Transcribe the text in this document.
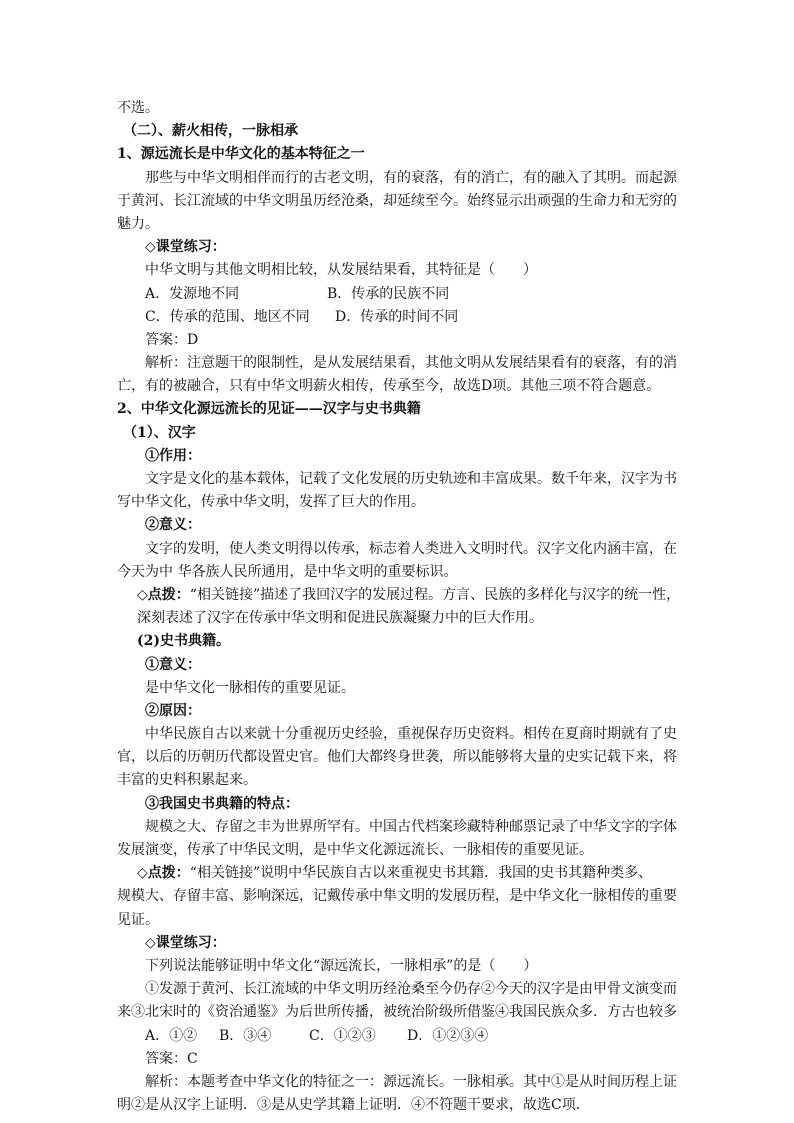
不选。
（二）、薪火相传，一脉相承
1、源远流长是中华文化的基本特征之一
那些与中华文明相伴而行的古老文明，有的衰落，有的消亡，有的融入了其明。而起源
于黄河、长江流域的中华文明虽历经沧桑，却延续至今。始终显示出顽强的生命力和无穷的
魅力。
◇课堂练习：
中华文明与其他文明相比较，从发展结果看，其特征是（　　）
A．发源地不同	B．传承的民族不同
C．传承的范围、地区不同 D．传承的时间不同
答案：D
解析：注意题干的限制性，是从发展结果看，其他文明从发展结果看有的衰落，有的消
亡，有的被融合，只有中华文明薪火相传，传承至今，故选D项。其他三项不符合题意。
2、中华文化源远流长的见证——汉字与史书典籍
（1）、汉字
①作用：
文字是文化的基本载体，记载了文化发展的历史轨迹和丰富成果。数千年来，汉字为书
写中华文化，传承中华文明，发挥了巨大的作用。
②意义：
文字的发明，使人类文明得以传承，标志着人类进入文明时代。汉字文化内涵丰富，在
今天为中 华各族人民所通用，是中华文明的重要标识。
◇点拨：“相关链接”描述了我回汉字的发展过程。方言、民族的多样化与汉字的统一性，
深刻表述了汉字在传承中华文明和促进民族凝聚力中的巨大作用。
(2)史书典籍。
①意义：
是中华文化一脉相传的重要见证。
②原因：
中华民族自古以来就十分重视历史经验，重视保存历史资料。相传在夏商时期就有了史
官，以后的历朝历代都设置史官。他们大都终身世袭，所以能够将大量的史实记载下来，将
丰富的史料积累起来。
③我国史书典籍的特点：
规模之大、存留之丰为世界所罕有。中国古代档案珍藏特种邮票记录了中华文字的字体
发展演变，传承了中华民文明，是中华文化源远流长、一脉相传的重要见证。
◇点拨：“相关链接”说明中华民族自古以来重视史书其籍．我国的史书其籍种类多、
规模大、存留丰富、影响深远，记戴传承中隼文明的发展历程，是中华文化一脉相传的重要
见证。
◇课堂练习：
下列说法能够证明中华文化“源远流长，一脉相承”的是（　　）
①发源于黄河、长江流域的中华文明历经沧桑至今仍存②今天的汉字是由甲骨文演变而
来③北宋时的《资治通鉴》为后世所传播，被统治阶级所借鉴④我国民族众多．方古也较多
A．①② B．③④	C．①②③ D．①②③④
答案：C
解析：本题考查中华文化的特征之一：源远流长。一脉相承。其中①是从时间历程上证
明②是从汉字上证明．③是从史学其籍上证明．④不符题干要求，故选C项．
